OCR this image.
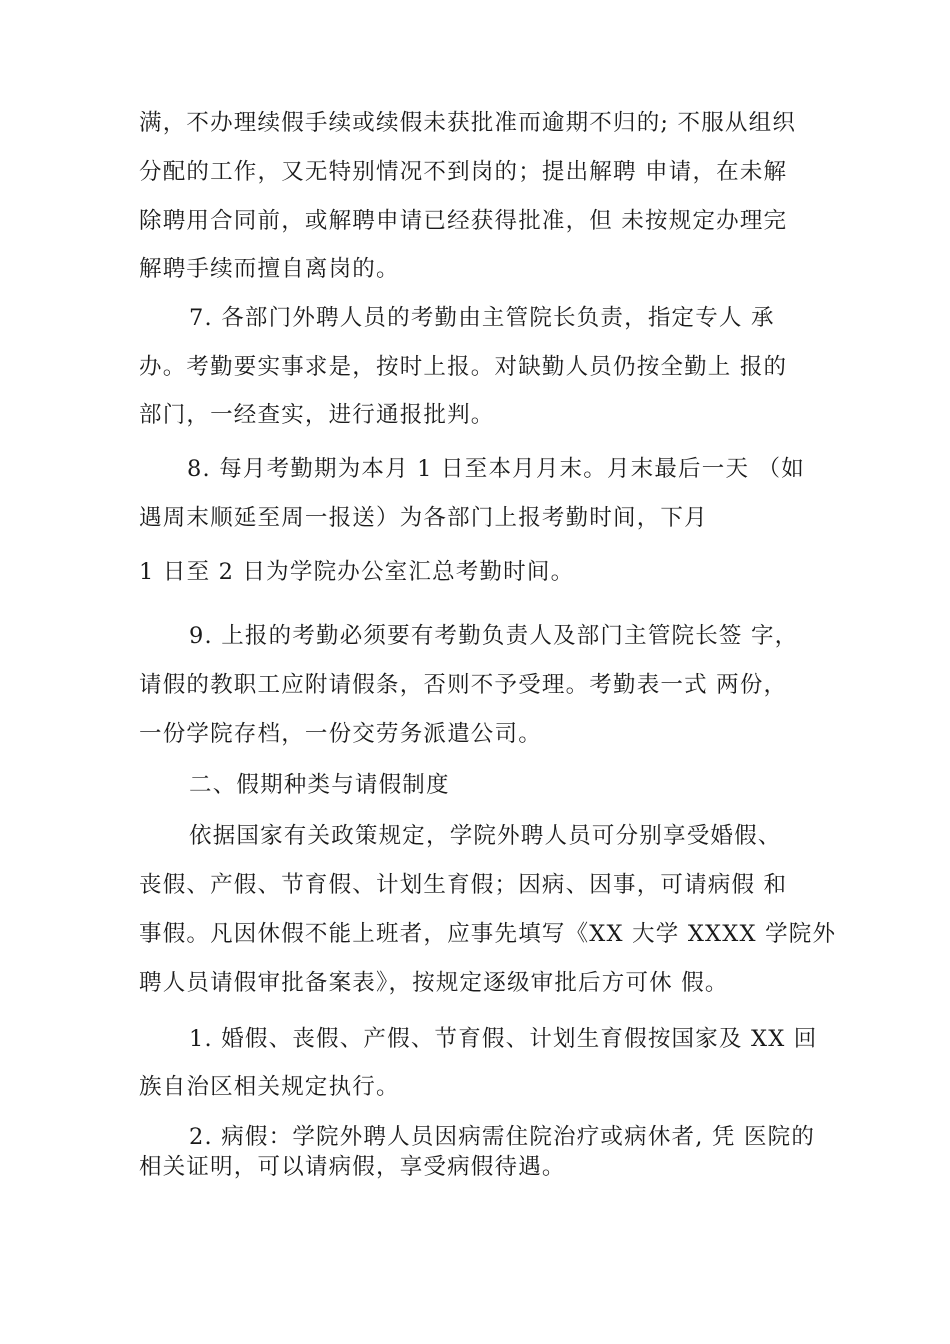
满，不办理续假手续或续假未获批准而逾期不归的; 不服从组织
分配的工作，又无特别情况不到岗的；提出解聘 申请，在未解
除聘用合同前，或解聘申请已经获得批准，但 未按规定办理完
解聘手续而擅自离岗的。
7. 各部门外聘人员的考勤由主管院长负责，指定专人 承
办。考勤要实事求是，按时上报。对缺勤人员仍按全勤上 报的
部门，一经查实，进行通报批判。
8. 每月考勤期为本月 1 日至本月月末。月末最后一天 （如
遇周末顺延至周一报送）为各部门上报考勤时间，下月
1 日至 2 日为学院办公室汇总考勤时间。
9. 上报的考勤必须要有考勤负责人及部门主管院长签 字，
请假的教职工应附请假条，否则不予受理。考勤表一式 两份，
一份学院存档，一份交劳务派遣公司。
二、假期种类与请假制度
依据国家有关政策规定，学院外聘人员可分别享受婚假、
丧假、产假、节育假、计划生育假；因病、因事，可请病假 和
事假。凡因休假不能上班者，应事先填写《XX 大学 XXXX 学院外
聘人员请假审批备案表》，按规定逐级审批后方可休 假。
1. 婚假、丧假、产假、节育假、计划生育假按国家及 XX 回
族自治区相关规定执行。
2. 病假：学院外聘人员因病需住院治疗或病休者, 凭 医院的
相关证明，可以请病假，享受病假待遇。
